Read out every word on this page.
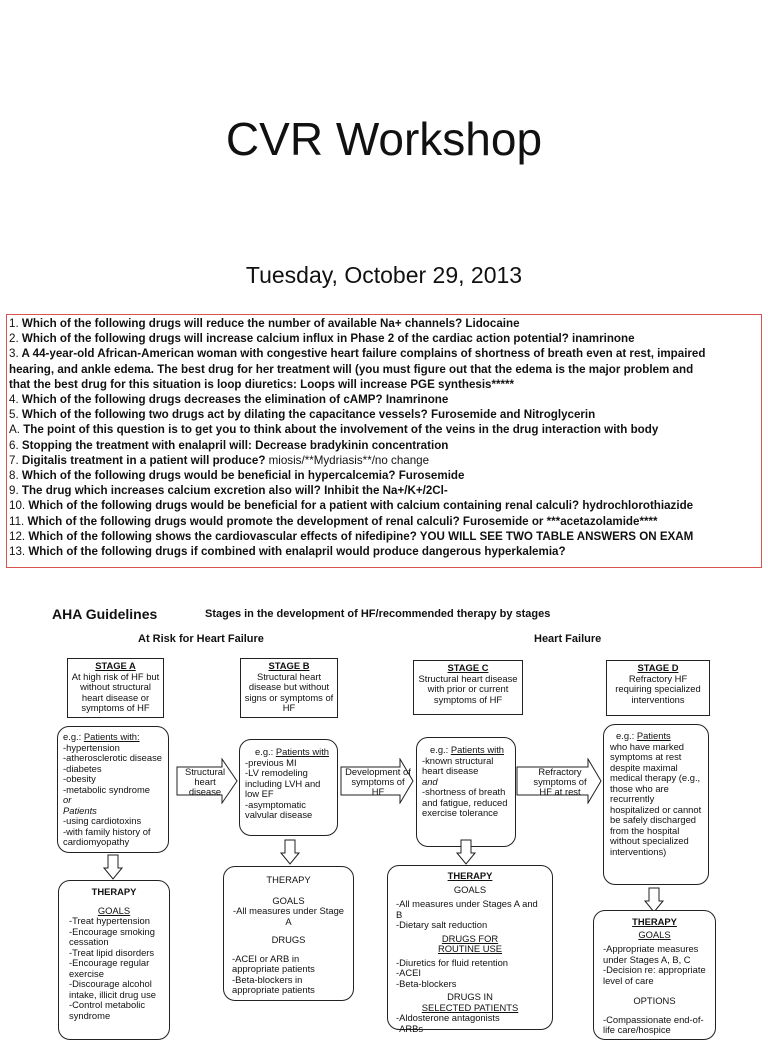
CVR Workshop
Tuesday, October 29, 2013
1. Which of the following drugs will reduce the number of available Na+ channels? Lidocaine
2. Which of the following drugs will increase calcium influx in Phase 2 of the cardiac action potential? inamrinone
3. A 44-year-old African-American woman with congestive heart failure complains of shortness of breath even at rest, impaired
hearing, and ankle edema. The best drug for her treatment will (you must figure out that the edema is the major problem and
that the best drug for this situation is loop diuretics: Loops will increase PGE synthesis*****
4. Which of the following drugs decreases the elimination of cAMP? Inamrinone
5. Which of the following two drugs act by dilating the capacitance vessels? Furosemide and Nitroglycerin
A. The point of this question is to get you to think about the involvement of the veins in the drug interaction with body
6. Stopping the treatment with enalapril will: Decrease bradykinin concentration
7. Digitalis treatment in a patient will produce? miosis/**Mydriasis**/no change
8. Which of the following drugs would be beneficial in hypercalcemia? Furosemide
9. The drug which increases calcium excretion also will? Inhibit the Na+/K+/2Cl-
10. Which of the following drugs would be beneficial for a patient with calcium containing renal calculi? hydrochlorothiazide
11. Which of the following drugs would promote the development of renal calculi? Furosemide or ***acetazolamide****
12. Which of the following shows the cardiovascular effects of nifedipine? YOU WILL SEE TWO TABLE ANSWERS ON EXAM
13. Which of the following drugs if combined with enalapril would produce dangerous hyperkalemia?
AHA Guidelines	Stages in the development of HF/recommended therapy by stages
At Risk for Heart Failure	Heart Failure
STAGE A
At high risk of HF but without structural heart disease or symptoms of HF
STAGE B
Structural heart disease but without signs or symptoms of HF
STAGE C
Structural heart disease with prior or current symptoms of HF
STAGE D
Refractory HF requiring specialized interventions
e.g.: Patients with:
-hypertension
-atherosclerotic disease
-diabetes
-obesity
-metabolic syndrome
or
Patients
-using cardiotoxins
-with family history of cardiomyopathy
e.g.: Patients with
-previous MI
-LV remodeling including LVH and low EF
-asymptomatic valvular disease
e.g.: Patients with
-known structural heart disease
and
-shortness of breath and fatigue, reduced exercise tolerance
e.g.: Patients
who have marked symptoms at rest despite maximal medical therapy (e.g., those who are recurrently hospitalized or cannot be safely discharged from the hospital without specialized interventions)
Structural heart disease
Development of symptoms of HF
Refractory symptoms of HF at rest
THERAPY
GOALS
-Treat hypertension
-Encourage smoking cessation
-Treat lipid disorders
-Encourage regular exercise
-Discourage alcohol intake, illicit drug use
-Control metabolic syndrome
THERAPY
GOALS
-All measures under Stage A
DRUGS
-ACEI or ARB in appropriate patients
-Beta-blockers in appropriate patients
THERAPY
GOALS
-All measures under Stages A and B
-Dietary salt reduction
DRUGS FOR
ROUTINE USE
-Diuretics for fluid retention
-ACEI
-Beta-blockers
DRUGS IN
SELECTED PATIENTS
-Aldosterone antagonists
-ARBs
THERAPY
GOALS
-Appropriate measures under Stages A, B, C
-Decision re: appropriate level of care
OPTIONS
-Compassionate end-of-life care/hospice
